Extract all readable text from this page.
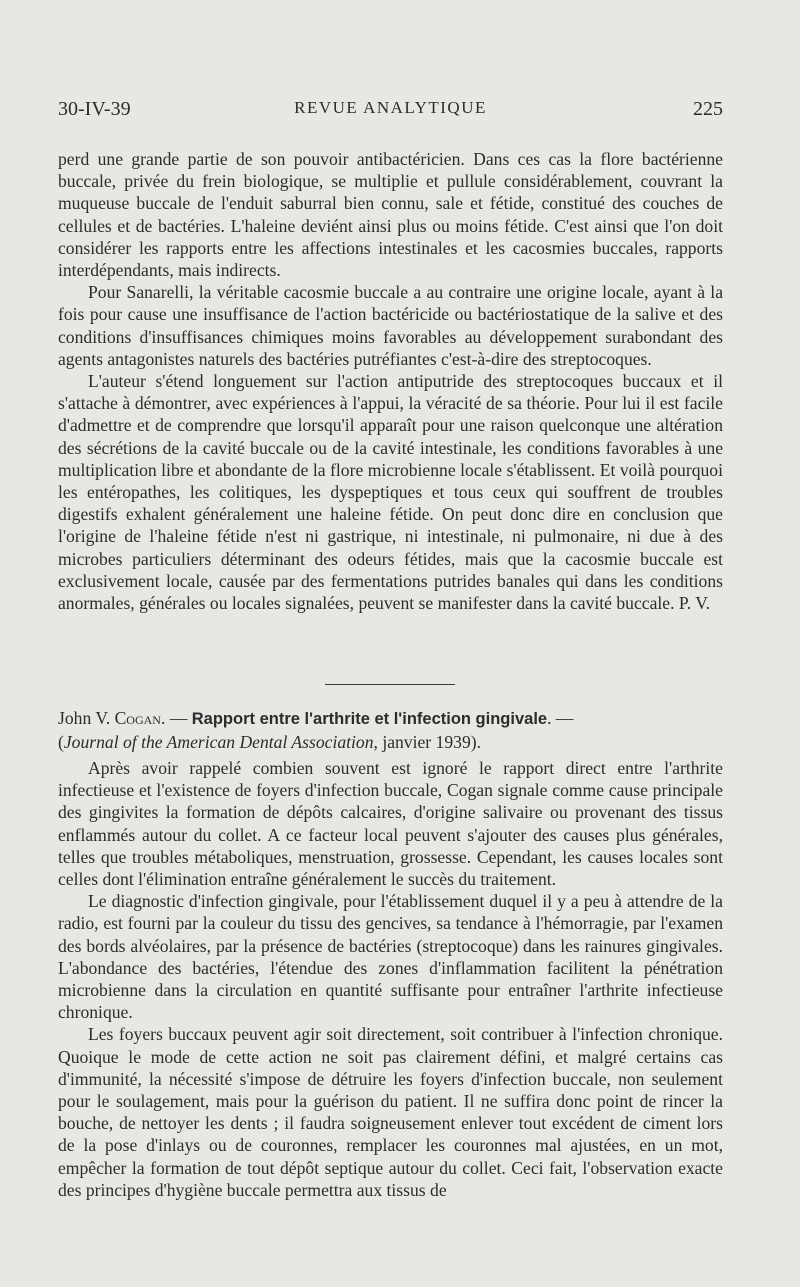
30-IV-39	REVUE ANALYTIQUE	225

perd une grande partie de son pouvoir antibactéricien. Dans ces cas la flore bactérienne buccale, privée du frein biologique, se multiplie et pullule considérablement, couvrant la muqueuse buccale de l'enduit saburral bien connu, sale et fétide, constitué des couches de cellules et de bactéries. L'haleine deviént ainsi plus ou moins fétide. C'est ainsi que l'on doit considérer les rapports entre les affections intestinales et les cacosmies buccales, rapports interdépendants, mais indirects.

Pour Sanarelli, la véritable cacosmie buccale a au contraire une origine locale, ayant à la fois pour cause une insuffisance de l'action bactéricide ou bactériostatique de la salive et des conditions d'insuffisances chimiques moins favorables au développement surabondant des agents antagonistes naturels des bactéries putréfiantes c'est-à-dire des streptocoques.

L'auteur s'étend longuement sur l'action antiputride des streptocoques buccaux et il s'attache à démontrer, avec expériences à l'appui, la véracité de sa théorie. Pour lui il est facile d'admettre et de comprendre que lorsqu'il apparaît pour une raison quelconque une altération des sécrétions de la cavité buccale ou de la cavité intestinale, les conditions favorables à une multiplication libre et abondante de la flore microbienne locale s'établissent. Et voilà pourquoi les entéropathes, les colitiques, les dyspeptiques et tous ceux qui souffrent de troubles digestifs exhalent généralement une haleine fétide. On peut donc dire en conclusion que l'origine de l'haleine fétide n'est ni gastrique, ni intestinale, ni pulmonaire, ni due à des microbes particuliers déterminant des odeurs fétides, mais que la cacosmie buccale est exclusivement locale, causée par des fermentations putrides banales qui dans les conditions anormales, générales ou locales signalées, peuvent se manifester dans la cavité buccale. P. V.

John V. Cogan. — Rapport entre l'arthrite et l'infection gingivale. —
(Journal of the American Dental Association, janvier 1939).

Après avoir rappelé combien souvent est ignoré le rapport direct entre l'arthrite infectieuse et l'existence de foyers d'infection buccale, Cogan signale comme cause principale des gingivites la formation de dépôts calcaires, d'origine salivaire ou provenant des tissus enflammés autour du collet. A ce facteur local peuvent s'ajouter des causes plus générales, telles que troubles métaboliques, menstruation, grossesse. Cependant, les causes locales sont celles dont l'élimination entraîne généralement le succès du traitement.

Le diagnostic d'infection gingivale, pour l'établissement duquel il y a peu à attendre de la radio, est fourni par la couleur du tissu des gencives, sa tendance à l'hémorragie, par l'examen des bords alvéolaires, par la présence de bactéries (streptocoque) dans les rainures gingivales. L'abondance des bactéries, l'étendue des zones d'inflammation facilitent la pénétration microbienne dans la circulation en quantité suffisante pour entraîner l'arthrite infectieuse chronique.

Les foyers buccaux peuvent agir soit directement, soit contribuer à l'infection chronique. Quoique le mode de cette action ne soit pas clairement défini, et malgré certains cas d'immunité, la nécessité s'impose de détruire les foyers d'infection buccale, non seulement pour le soulagement, mais pour la guérison du patient. Il ne suffira donc point de rincer la bouche, de nettoyer les dents ; il faudra soigneusement enlever tout excédent de ciment lors de la pose d'inlays ou de couronnes, remplacer les couronnes mal ajustées, en un mot, empêcher la formation de tout dépôt septique autour du collet. Ceci fait, l'observation exacte des principes d'hygiène buccale permettra aux tissus de
